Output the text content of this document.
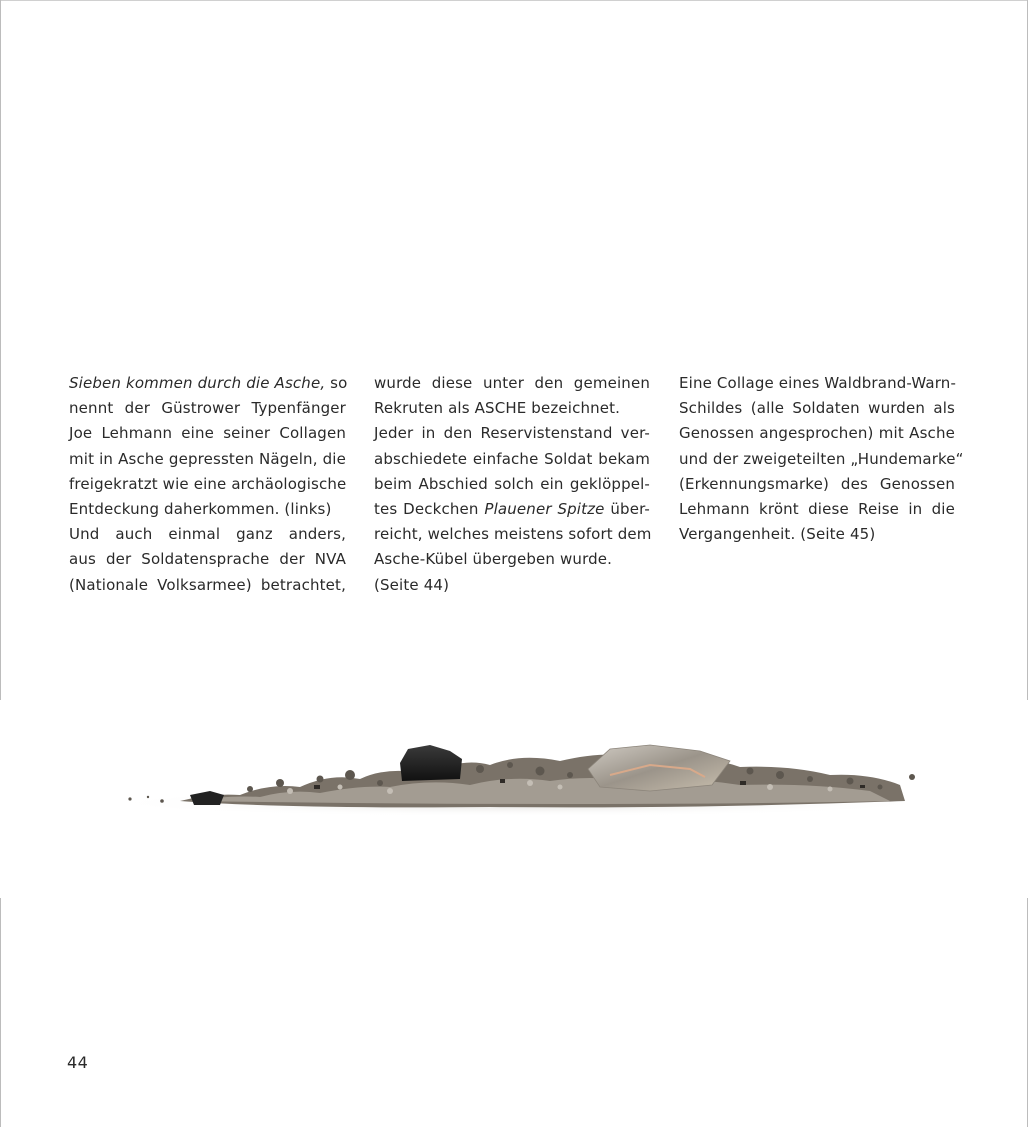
Sieben kommen durch die Asche, so
nennt der Güstrower Typenfänger
Joe Lehmann eine seiner Collagen
mit in Asche gepressten Nägeln, die
freigekratzt wie eine archäologische
Entdeckung daherkommen. (links)
Und auch einmal ganz anders,
aus der Soldatensprache der NVA
(Nationale Volksarmee) betrachtet,
wurde diese unter den gemeinen
Rekruten als ASCHE bezeichnet.
Jeder in den Reservistenstand ver-
abschiedete einfache Soldat bekam
beim Abschied solch ein geklöppel-
tes Deckchen Plauener Spitze über-
reicht, welches meistens sofort dem
Asche-Kübel übergeben wurde.
(Seite 44)
Eine Collage eines Waldbrand-Warn-
Schildes (alle Soldaten wurden als
Genossen angesprochen) mit Asche
und der zweigeteilten „Hundemarke“
(Erkennungsmarke) des Genossen
Lehmann krönt diese Reise in die
Vergangenheit. (Seite 45)
44
